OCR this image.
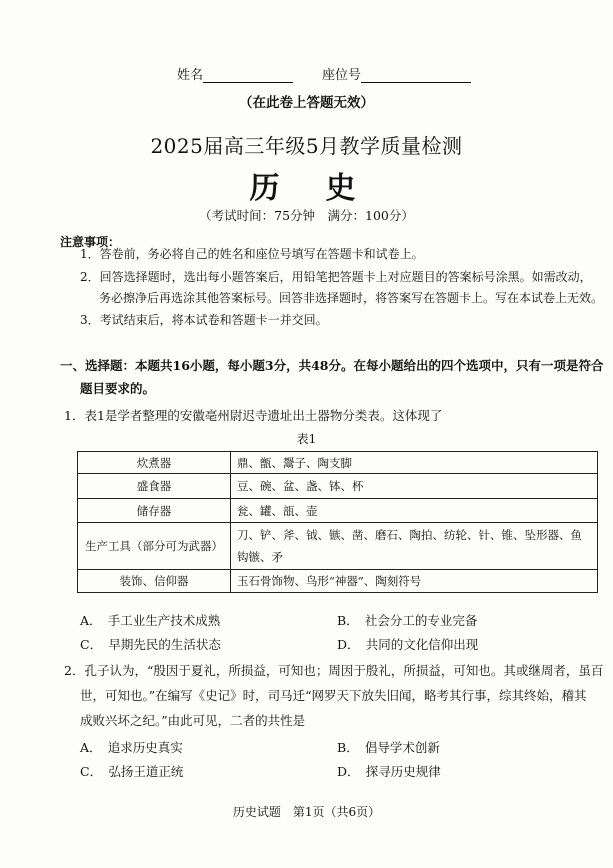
姓名	座位号
（在此卷上答题无效）
2025届高三年级5月教学质量检测
历　史
（考试时间：75分钟　满分：100分）
注意事项：
1．答卷前，务必将自己的姓名和座位号填写在答题卡和试卷上。
2．回答选择题时，选出每小题答案后，用铅笔把答题卡上对应题目的答案标号涂黑。如需改动，
务必擦净后再选涂其他答案标号。回答非选择题时，将答案写在答题卡上。写在本试卷上无效。
3．考试结束后，将本试卷和答题卡一并交回。
一、选择题：本题共16小题，每小题3分，共48分。在每小题给出的四个选项中，只有一项是符合
题目要求的。
1．表1是学者整理的安徽亳州尉迟寺遗址出土器物分类表。这体现了
表1
炊煮器	鼎、甑、鬶子、陶支脚
盛食器	豆、碗、盆、盏、钵、杯
储存器	瓮、罐、瓿、壶
生产工具（部分可为武器）	刀、铲、斧、钺、镞、凿、磨石、陶拍、纺轮、针、锥、坠形器、鱼
钩镞、矛

装饰、信仰器	玉石骨饰物、鸟形“神器”、陶刻符号
A．　手工业生产技术成熟	B．　社会分工的专业完备
C．　早期先民的生活状态	D．　共同的文化信仰出现
2．孔子认为，“殷因于夏礼，所损益，可知也；周因于殷礼，所损益，可知也。其或继周者，虽百
世，可知也。”在编写《史记》时，司马迁“网罗天下放失旧闻，略考其行事，综其终始，稽其
成败兴坏之纪。”由此可见，二者的共性是
A．　追求历史真实	B．　倡导学术创新
C．　弘扬王道正统	D．　探寻历史规律
历史试题　第1页（共6页）
